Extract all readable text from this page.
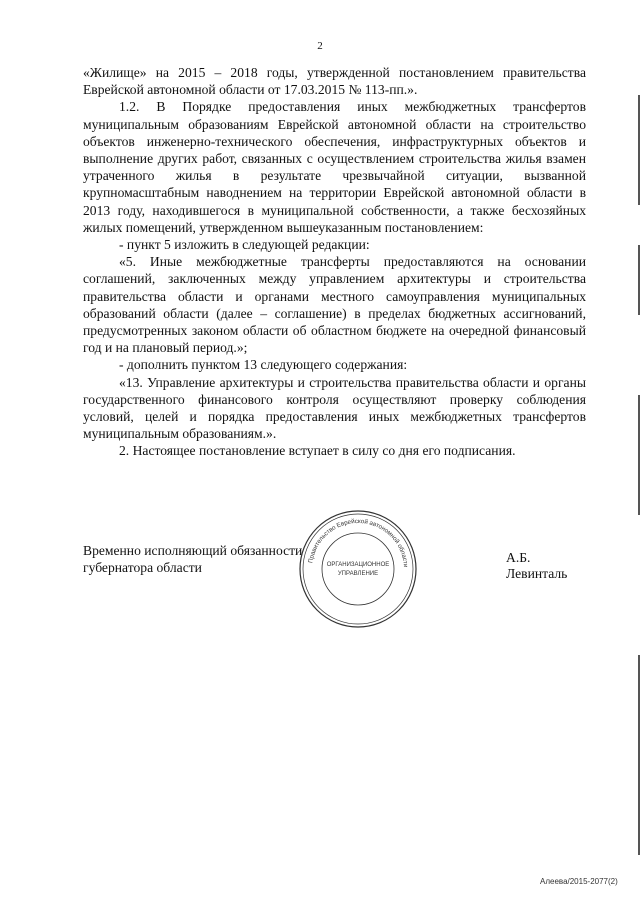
2

«Жилище» на 2015 – 2018 годы, утвержденной постановлением правительства Еврейской автономной области от 17.03.2015 № 113-пп.».

1.2. В Порядке предоставления иных межбюджетных трансфертов муниципальным образованиям Еврейской автономной области на строительство объектов инженерно-технического обеспечения, инфраструктурных объектов и выполнение других работ, связанных с осуществлением строительства жилья взамен утраченного жилья в результате чрезвычайной ситуации, вызванной крупномасштабным наводнением на территории Еврейской автономной области в 2013 году, находившегося в муниципальной собственности, а также бесхозяйных жилых помещений, утвержденном вышеуказанным постановлением:

- пункт 5 изложить в следующей редакции:

«5. Иные межбюджетные трансферты предоставляются на основании соглашений, заключенных между управлением архитектуры и строительства правительства области и органами местного самоуправления муниципальных образований области (далее – соглашение) в пределах бюджетных ассигнований, предусмотренных законом области об областном бюджете на очередной финансовый год и на плановый период.»;

- дополнить пунктом 13 следующего содержания:

«13. Управление архитектуры и строительства правительства области и органы государственного финансового контроля осуществляют проверку соблюдения условий, целей и порядка предоставления иных межбюджетных трансфертов муниципальным образованиям.».

2. Настоящее постановление вступает в силу со дня его подписания.

Временно исполняющий обязанности
губернатора области
А.Б. Левинталь
Правительство Еврейской автономной области
ОРГАНИЗАЦИОННОЕ
УПРАВЛЕНИЕ
Алеева/2015-2077(2)
